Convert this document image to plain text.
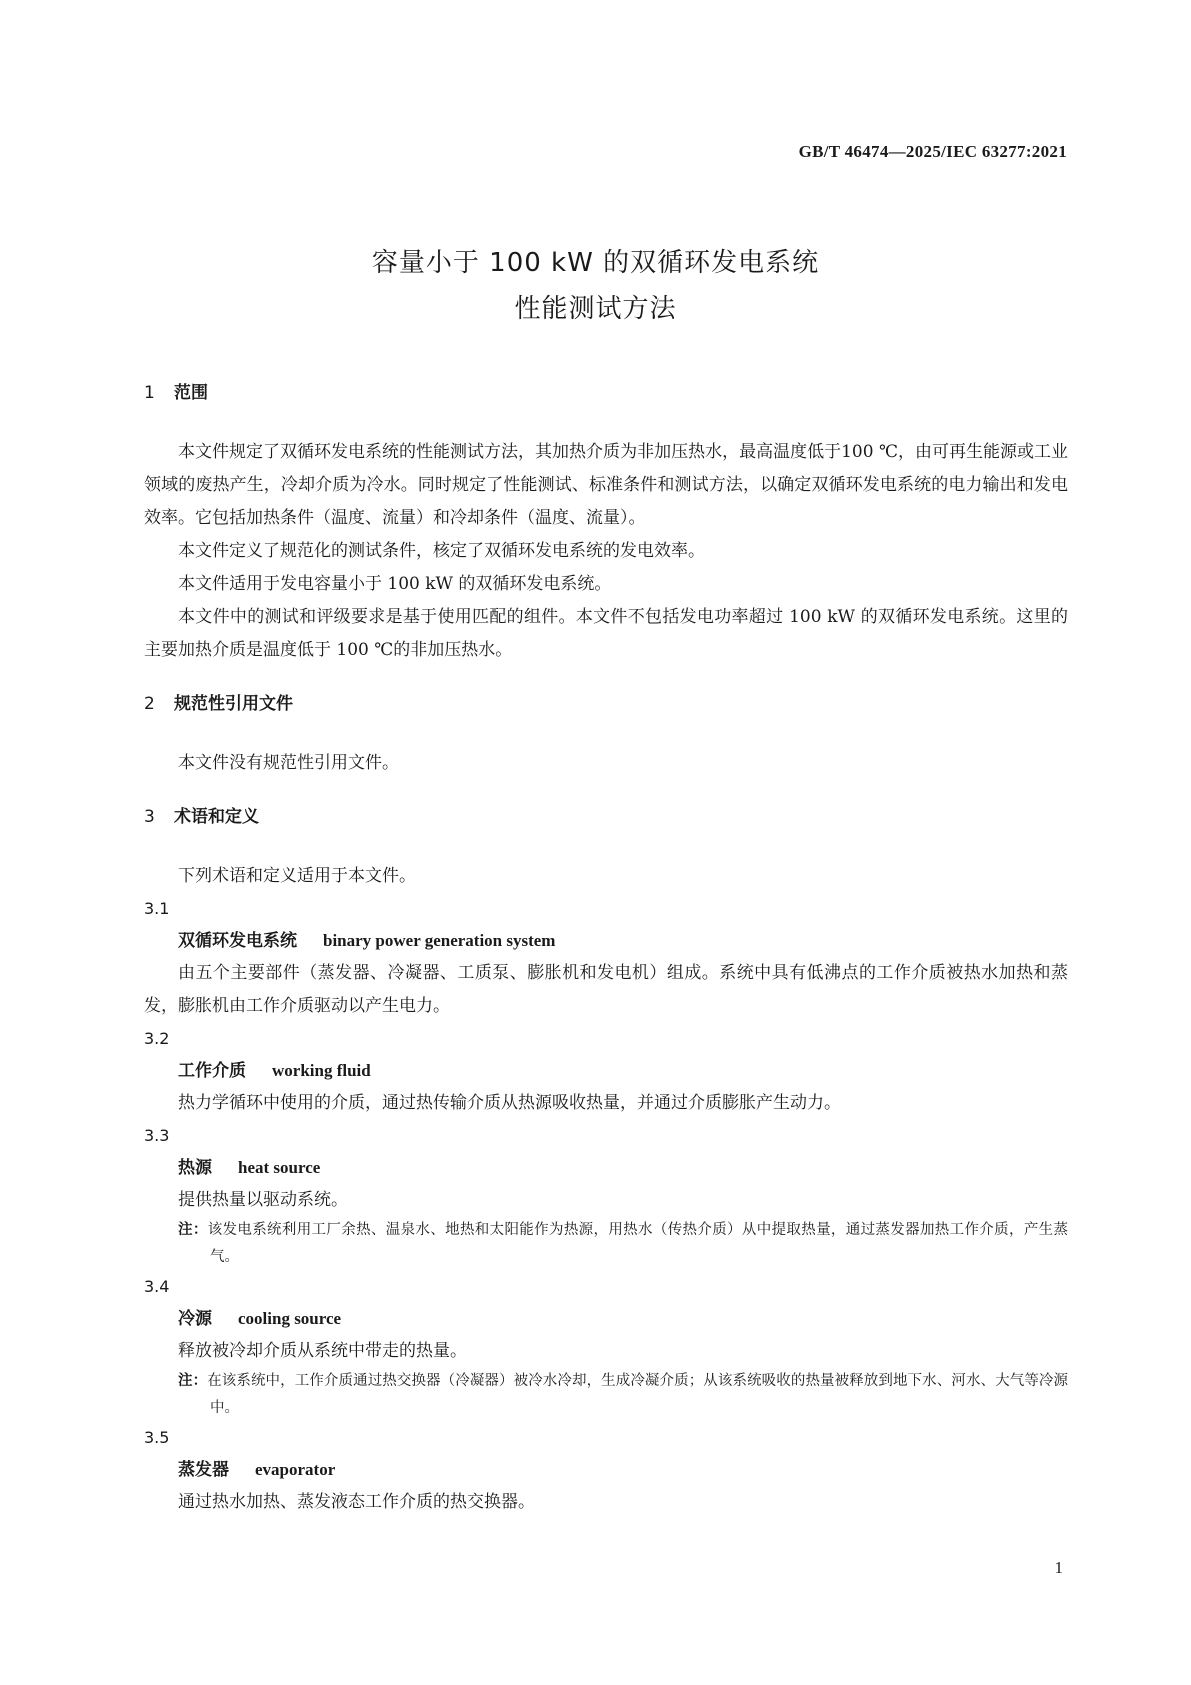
GB/T 46474—2025/IEC 63277:2021
容量小于 100 kW 的双循环发电系统
性能测试方法
1 范围

本文件规定了双循环发电系统的性能测试方法，其加热介质为非加压热水，最高温度低于100 ℃，由可再生能源或工业领域的废热产生，冷却介质为冷水。同时规定了性能测试、标准条件和测试方法，以确定双循环发电系统的电力输出和发电效率。它包括加热条件（温度、流量）和冷却条件（温度、流量）。

本文件定义了规范化的测试条件，核定了双循环发电系统的发电效率。

本文件适用于发电容量小于 100 kW 的双循环发电系统。

本文件中的测试和评级要求是基于使用匹配的组件。本文件不包括发电功率超过 100 kW 的双循环发电系统。这里的主要加热介质是温度低于 100 ℃的非加压热水。

2 规范性引用文件

本文件没有规范性引用文件。

3 术语和定义

下列术语和定义适用于本文件。

3.1

双循环发电系统 binary power generation system

由五个主要部件（蒸发器、冷凝器、工质泵、膨胀机和发电机）组成。系统中具有低沸点的工作介质被热水加热和蒸发，膨胀机由工作介质驱动以产生电力。

3.2

工作介质 working fluid

热力学循环中使用的介质，通过热传输介质从热源吸收热量，并通过介质膨胀产生动力。

3.3

热源 heat source

提供热量以驱动系统。

注：该发电系统利用工厂余热、温泉水、地热和太阳能作为热源，用热水（传热介质）从中提取热量，通过蒸发器加热工作介质，产生蒸气。

3.4

冷源 cooling source

释放被冷却介质从系统中带走的热量。

注：在该系统中，工作介质通过热交换器（冷凝器）被冷水冷却，生成冷凝介质；从该系统吸收的热量被释放到地下水、河水、大气等冷源中。

3.5

蒸发器 evaporator

通过热水加热、蒸发液态工作介质的热交换器。

1
